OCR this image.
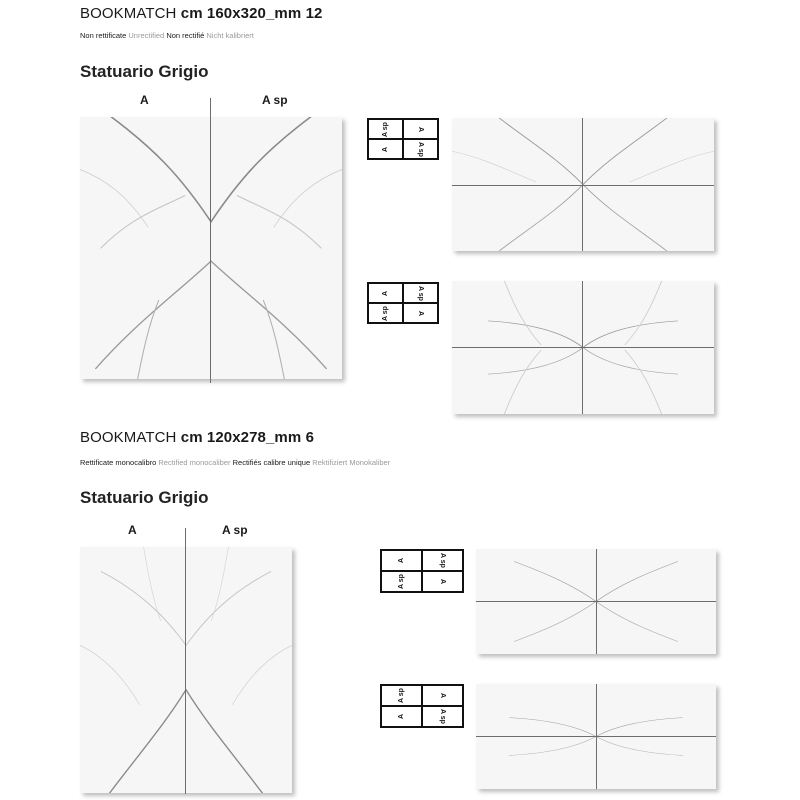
BOOKMATCH cm 160x320_mm 12
Non rettificate Unrectified Non rectifié Nicht kalibriert
Statuario Grigio
A	A sp
A sp	A
A	A sp
A	A sp
A sp	A
BOOKMATCH cm 120x278_mm 6
Rettificate monocalibro Rectified monocaliber Rectifiés calibre unique Rektifiziert Monokaliber
Statuario Grigio
A	A sp
A	A sp
A sp	A
A sp	A
A	A sp
